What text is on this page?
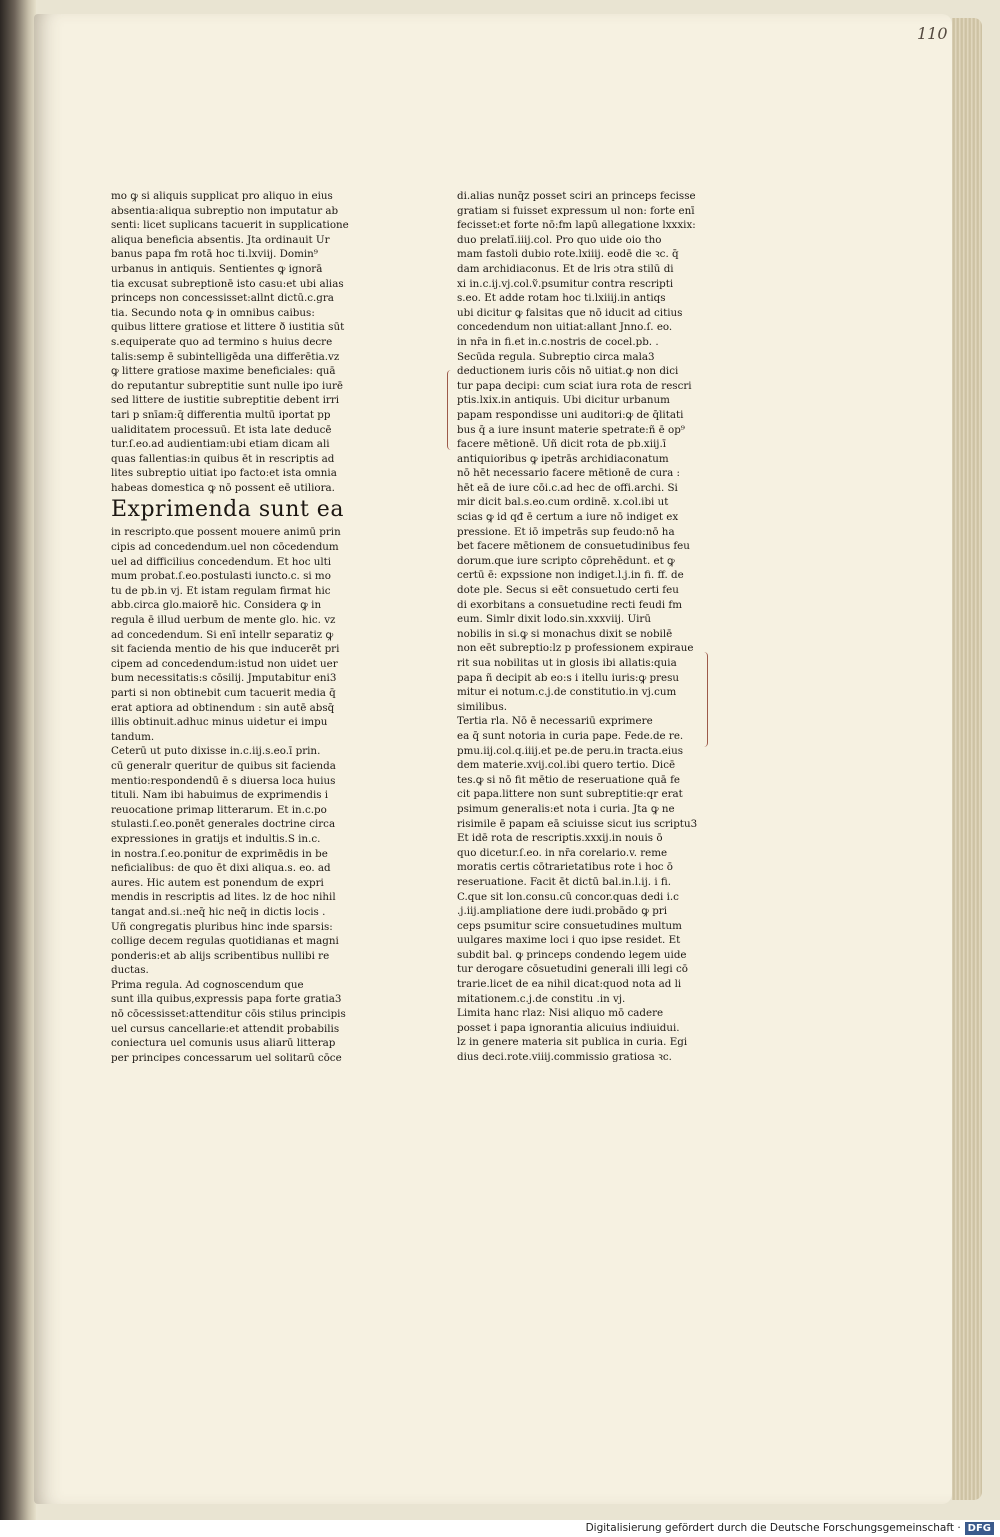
110
mo ꝙ si aliquis supplicat pro aliquo in eius
absentia:aliqua subreptio non imputatur ab
senti: licet suplicans tacuerit in supplicatione
aliqua beneficia absentis. Jta ordinauit Ur
banus papa fm rotā hoc ti.lxviij. Domin⁹
urbanus in antiquis. Sentientes ꝙ ignorā
tia excusat subreptionē isto casu:et ubi alias
princeps non concessisset:allnt dictū.c.gra
tia. Secundo nota ꝙ in omnibus caibus:
quibus littere gratiose et littere ð iustitia sūt
s.equiperate quo ad termino s huius decre
talis:semp ē subintelligēda una differētia.vz
ꝙ littere gratiose maxime beneficiales: quā
do reputantur subreptitie sunt nulle ipo iurē
sed littere de iustitie subreptitie debent irri
tari p snīam:q̄ differentia multū iportat pp
ualiditatem processuū. Et ista late deducē
tur.ſ.eo.ad audientiam:ubi etiam dicam ali
quas fallentias:in quibus ēt in rescriptis ad
lites subreptio uitiat ipo facto:et ista omnia
habeas domestica ꝙ nō possent eē utiliora.
Exprimenda sunt ea
in rescripto.que possent mouere animū prin
cipis ad concedendum.uel non cōcedendum
uel ad difficilius concedendum. Et hoc ulti
mum probat.ſ.eo.postulasti iuncto.c. si mo
tu de pb.in vj. Et istam regulam firmat hic
abb.circa glo.maiorē hic. Considera ꝙ in
regula ē illud uerbum de mente glo. hic. vz
ad concedendum. Si enī intellr separatiz ꝙ
sit facienda mentio de his que inducerēt pri
cipem ad concedendum:istud non uidet uer
bum necessitatis:s cōsilij. Jmputabitur eni3
parti si non obtinebit cum tacuerit media q̄
erat aptiora ad obtinendum : sin autē absq̄
illis obtinuit.adhuc minus uidetur ei impu
tandum.
Ceterū ut puto dixisse in.c.iij.s.eo.ī prin.
cū generalr queritur de quibus sit facienda
mentio:respondendū ē s diuersa loca huius
tituli. Nam ibi habuimus de exprimendis i
reuocatione primap litterarum. Et in.c.po
stulasti.ſ.eo.ponēt generales doctrine circa
expressiones in gratijs et indultis.S in.c.
in nostra.ſ.eo.ponitur de exprimēdis in be
neficialibus: de quo ēt dixi aliqua.s. eo. ad
aures. Hic autem est ponendum de expri
mendis in rescriptis ad lites. lz de hoc nihil
tangat and.si.:neq̄ hic neq̄ in dictis locis .
Uñ congregatis pluribus hinc inde sparsis:
collige decem regulas quotidianas et magni
ponderis:et ab alijs scribentibus nullibi re
ductas.
Prima regula. Ad cognoscendum que
sunt illa quibus,expressis papa forte gratia3
nō cōcessisset:attenditur cōis stilus principis
uel cursus cancellarie:et attendit probabilis
coniectura uel comunis usus aliarū litterap
per principes concessarum uel solitarū cōce
di.alias nunq̄z posset sciri an princeps fecisse
gratiam si fuisset expressum ul non: forte enī
fecisset:et forte nō:fm lapū allegatione lxxxix:
duo prelatī.iiij.col. Pro quo uide oio tho
mam fastoli dubio rote.lxiiij. eodē die ꝛc. q̄
dam archidiaconus. Et de lris ɔtra stilū di
xi in.c.ij.vj.col.ṽ.psumitur contra rescripti
s.eo. Et adde rotam hoc ti.lxiiij.in antiqs
ubi dicitur ꝙ falsitas que nō iducit ad citius
concedendum non uitiat:allant Jnno.ſ. eo.
in nr̄a in fi.et in.c.nostris de cocel.pb. .
Secūda regula. Subreptio circa mala3
deductionem iuris cōis nō uitiat.ꝙ non dici
tur papa decipi: cum sciat iura rota de rescri
ptis.lxix.in antiquis. Ubi dicitur urbanum
papam respondisse uni auditori:ꝙ de q̄litati
bus q̄ a iure insunt materie spetrate:ñ ē op⁹
facere mētionē. Uñ dicit rota de pb.xiij.ī
antiquioribus ꝙ ipetrās archidiaconatum
nō hēt necessario facere mētionē de cura :
hēt eā de iure cōi.c.ad hec de offi.archi. Si
mir dicit bal.s.eo.cum ordinē. x.col.ibi ut
scias ꝙ id qđ ē certum a iure nō indiget ex
pressione. Et iō impetrās sup feudo:nō ha
bet facere mētionem de consuetudinibus feu
dorum.que iure scripto cōprehēdunt. et ꝙ
certū ē: expssione non indiget.l.j.in fi. ff. de
dote ple. Secus si eēt consuetudo certi feu
di exorbitans a consuetudine recti feudi fm
eum. Simlr dixit lodo.sin.xxxviij. Uirū
nobilis in si.ꝙ si monachus dixit se nobilē
non eēt subreptio:lz p professionem expiraue
rit sua nobilitas ut in glosis ibi allatis:quia
papa ñ decipit ab eo:s i itellu iuris:ꝙ presu
mitur ei notum.c.j.de constitutio.in vj.cum
similibus.
Tertia rla. Nō ē necessariū exprimere
ea q̄ sunt notoria in curia pape. Fede.de re.
pmu.iij.col.q.iiij.et pe.de peru.in tracta.eius
dem materie.xvij.col.ibi quero tertio. Dicē
tes.ꝙ si nō fit mētio de reseruatione quā fe
cit papa.littere non sunt subreptitie:qr erat
psimum generalis:et nota i curia. Jta ꝙ ne
risimile ē papam eā sciuisse sicut ius scriptu3
Et idē rota de rescriptis.xxxij.in nouis ō
quo dicetur.ſ.eo. in nr̄a corelario.v. reme
moratis certis cōtrarietatibus rote i hoc ō
reseruatione. Facit ēt dictū bal.in.l.ij. i fi.
C.que sit lon.consu.cū concor.quas dedi i.c
.j.iij.ampliatione dere iudi.probādo ꝙ pri
ceps psumitur scire consuetudines multum
uulgares maxime loci i quo ipse residet. Et
subdit bal. ꝙ princeps condendo legem uide
tur derogare cōsuetudini generali illi legi cō
trarie.licet de ea nihil dicat:quod nota ad li
mitationem.c.j.de constitu .in vj.
Limita hanc rlaz: Nisi aliquo mō cadere
posset i papa ignorantia alicuius indiuidui.
lz in genere materia sit publica in curia. Egi
dius deci.rote.viiij.commissio gratiosa ꝛc.
Digitalisierung gefördert durch die Deutsche Forschungsgemeinschaft · DFG
